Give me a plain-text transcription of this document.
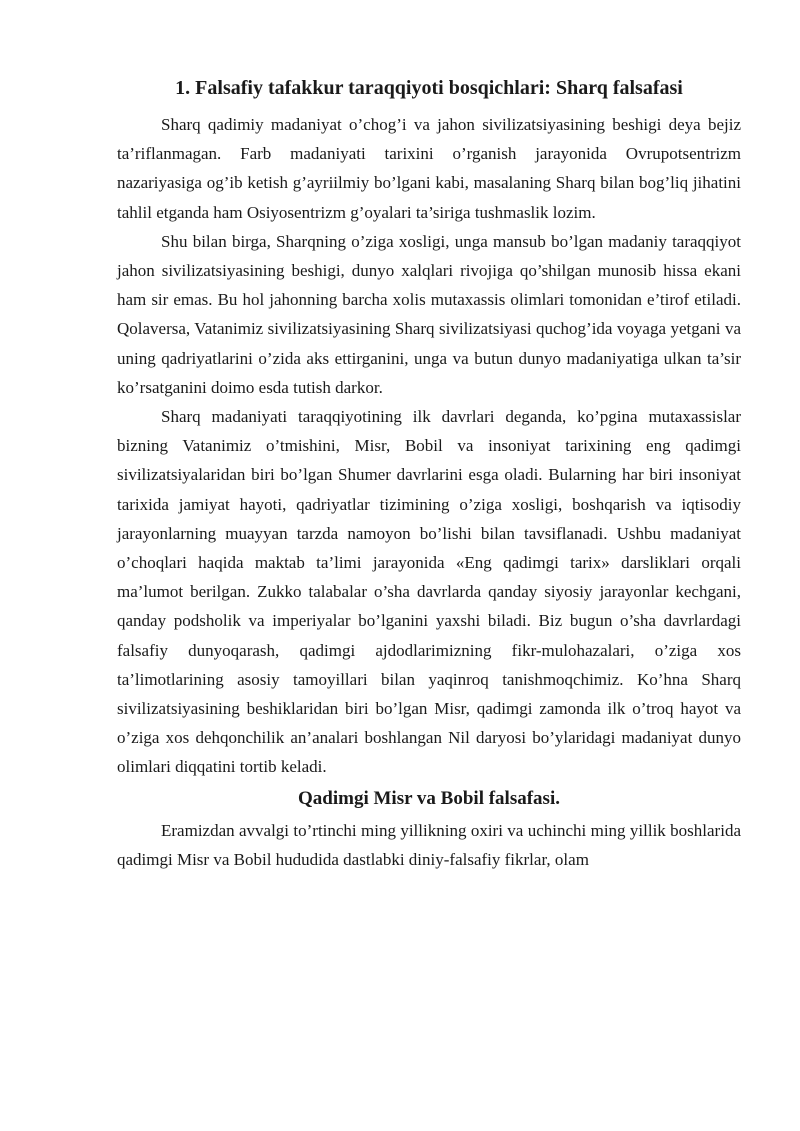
1. Falsafiy tafakkur taraqqiyoti bosqichlari: Sharq falsafasi

Sharq qadimiy madaniyat o’chog’i va jahon sivilizatsiyasining beshigi deya bejiz ta’riflanmagan. Farb madaniyati tarixini o’rganish jarayonida Ovrupotsentrizm nazariyasiga og’ib ketish g’ayriilmiy bo’lgani kabi, masalaning Sharq bilan bog’liq jihatini tahlil etganda ham Osiyosentrizm g’oyalari ta’siriga tushmaslik lozim.

Shu bilan birga, Sharqning o’ziga xosligi, unga mansub bo’lgan madaniy taraqqiyot jahon sivilizatsiyasining beshigi, dunyo xalqlari rivojiga qo’shilgan munosib hissa ekani ham sir emas. Bu hol jahonning barcha xolis mutaxassis olimlari tomonidan e’tirof etiladi. Qolaversa, Vatanimiz sivilizatsiyasining Sharq sivilizatsiyasi quchog’ida voyaga yetgani va uning qadriyatlarini o’zida aks ettirganini, unga va butun dunyo madaniyatiga ulkan ta’sir ko’rsatganini doimo esda tutish darkor.

Sharq madaniyati taraqqiyotining ilk davrlari deganda, ko’pgina mutaxassislar bizning Vatanimiz o’tmishini, Misr, Bobil va insoniyat tarixining eng qadimgi sivilizatsiyalaridan biri bo’lgan Shumer davrlarini esga oladi. Bularning har biri insoniyat tarixida jamiyat hayoti, qadriyatlar tizimining o’ziga xosligi, boshqarish va iqtisodiy jarayonlarning muayyan tarzda namoyon bo’lishi bilan tavsiflanadi. Ushbu madaniyat o’choqlari haqida maktab ta’limi jarayonida «Eng qadimgi tarix» darsliklari orqali ma’lumot berilgan. Zukko talabalar o’sha davrlarda qanday siyosiy jarayonlar kechgani, qanday podsholik va imperiyalar bo’lganini yaxshi biladi. Biz bugun o’sha davrlardagi falsafiy dunyoqarash, qadimgi ajdodlarimizning fikr-mulohazalari, o’ziga xos ta’limotlarining asosiy tamoyillari bilan yaqinroq tanishmoqchimiz. Ko’hna Sharq sivilizatsiyasining beshiklaridan biri bo’lgan Misr, qadimgi zamonda ilk o’troq hayot va o’ziga xos dehqonchilik an’analari boshlangan Nil daryosi bo’ylaridagi madaniyat dunyo olimlari diqqatini tortib keladi.

Qadimgi Misr va Bobil falsafasi.

Eramizdan avvalgi to’rtinchi ming yillikning oxiri va uchinchi ming yillik boshlarida qadimgi Misr va Bobil hududida dastlabki diniy-falsafiy fikrlar, olam
